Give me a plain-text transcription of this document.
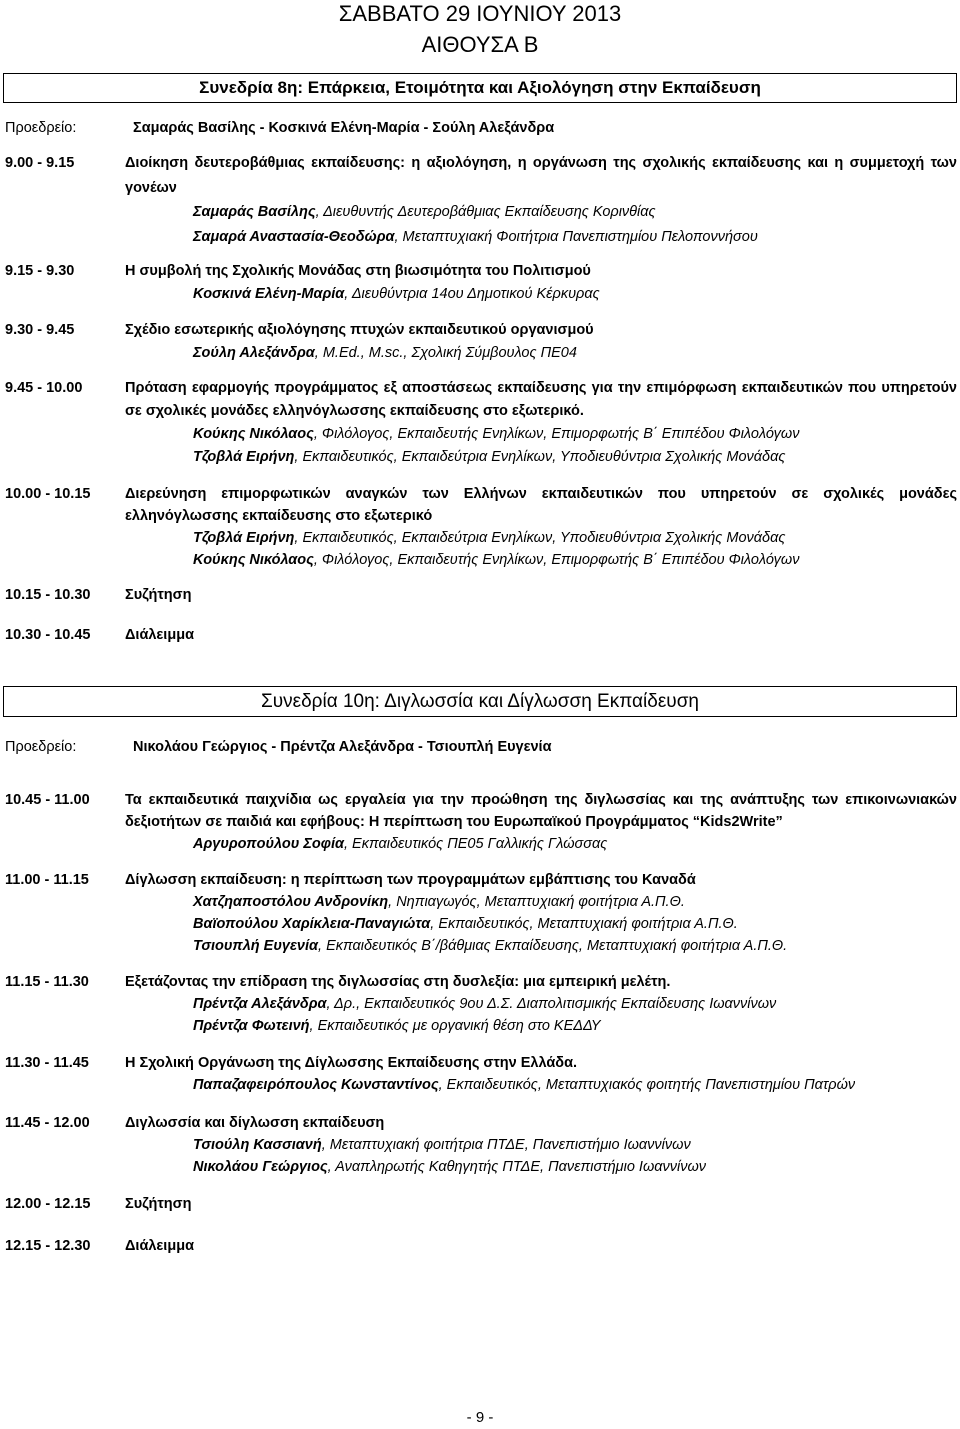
ΣΑΒΒΑΤΟ 29 ΙΟΥΝΙΟΥ 2013
ΑΙΘΟΥΣΑ Β
Συνεδρία 8η: Επάρκεια, Ετοιμότητα και Αξιολόγηση στην Εκπαίδευση
Προεδρείο:	Σαμαράς Βασίλης - Κοσκινά Ελένη-Μαρία - Σούλη Αλεξάνδρα
9.00 - 9.15	Διοίκηση δευτεροβάθμιας εκπαίδευσης: η αξιολόγηση, η οργάνωση της σχολικής εκπαίδευσης και η συμμετοχή των γονέων
Σαμαράς Βασίλης, Διευθυντής Δευτεροβάθμιας Εκπαίδευσης Κορινθίας
Σαμαρά Αναστασία-Θεοδώρα, Μεταπτυχιακή Φοιτήτρια Πανεπιστημίου Πελοποννήσου
9.15 - 9.30	Η συμβολή της Σχολικής Μονάδας στη βιωσιμότητα του Πολιτισμού
Κοσκινά Ελένη-Μαρία, Διευθύντρια 14ου Δημοτικού Κέρκυρας
9.30 - 9.45	Σχέδιο εσωτερικής αξιολόγησης πτυχών εκπαιδευτικού οργανισμού
Σούλη Αλεξάνδρα, M.Ed., M.sc., Σχολική Σύμβουλος ΠΕ04
9.45 - 10.00	Πρόταση εφαρμογής προγράμματος εξ αποστάσεως εκπαίδευσης για την επιμόρφωση εκπαιδευτικών που υπηρετούν σε σχολικές μονάδες ελληνόγλωσσης εκπαίδευσης στο εξωτερικό.
Κούκης Νικόλαος, Φιλόλογος, Εκπαιδευτής Ενηλίκων, Επιμορφωτής Β΄ Επιπέδου Φιλολόγων
Τζοβλά Ειρήνη, Εκπαιδευτικός, Εκπαιδεύτρια Ενηλίκων, Υποδιευθύντρια Σχολικής Μονάδας
10.00 - 10.15	Διερεύνηση επιμορφωτικών αναγκών των Ελλήνων εκπαιδευτικών που υπηρετούν σε σχολικές μονάδες ελληνόγλωσσης εκπαίδευσης στο εξωτερικό
Τζοβλά Ειρήνη, Εκπαιδευτικός, Εκπαιδεύτρια Ενηλίκων, Υποδιευθύντρια Σχολικής Μονάδας
Κούκης Νικόλαος, Φιλόλογος, Εκπαιδευτής Ενηλίκων, Επιμορφωτής Β΄ Επιπέδου Φιλολόγων
10.15 - 10.30	Συζήτηση
10.30 - 10.45	Διάλειμμα
Συνεδρία 10η: Διγλωσσία και Δίγλωσση Εκπαίδευση
Προεδρείο:	Νικολάου Γεώργιος - Πρέντζα Αλεξάνδρα - Τσιουπλή Ευγενία
10.45 - 11.00	Τα εκπαιδευτικά παιχνίδια ως εργαλεία για την προώθηση της διγλωσσίας και της ανάπτυξης των επικοινωνιακών δεξιοτήτων σε παιδιά και εφήβους: Η περίπτωση του Ευρωπαϊκού Προγράμματος “Kids2Write”
Αργυροπούλου Σοφία, Εκπαιδευτικός ΠΕ05 Γαλλικής Γλώσσας
11.00 - 11.15	Δίγλωσση εκπαίδευση: η περίπτωση των προγραμμάτων εμβάπτισης του Καναδά
Χατζηαποστόλου Ανδρονίκη, Νηπιαγωγός, Μεταπτυχιακή φοιτήτρια Α.Π.Θ.
Βαϊοπούλου Χαρίκλεια-Παναγιώτα, Εκπαιδευτικός, Μεταπτυχιακή φοιτήτρια Α.Π.Θ.
Τσιουπλή Ευγενία, Εκπαιδευτικός Β΄/βάθμιας Εκπαίδευσης, Μεταπτυχιακή φοιτήτρια Α.Π.Θ.
11.15 - 11.30	Εξετάζοντας την επίδραση της διγλωσσίας στη δυσλεξία: μια εμπειρική μελέτη.
Πρέντζα Αλεξάνδρα, Δρ., Εκπαιδευτικός 9ου Δ.Σ. Διαπολιτισμικής Εκπαίδευσης Ιωαννίνων
Πρέντζα Φωτεινή, Εκπαιδευτικός με οργανική θέση στο ΚΕΔΔΥ
11.30 - 11.45	Η Σχολική Οργάνωση της Δίγλωσσης Εκπαίδευσης στην Ελλάδα.
Παπαζαφειρόπουλος Κωνσταντίνος, Εκπαιδευτικός, Μεταπτυχιακός φοιτητής Πανεπιστημίου Πατρών
11.45 - 12.00	Διγλωσσία και δίγλωσση εκπαίδευση
Τσιούλη Κασσιανή, Μεταπτυχιακή φοιτήτρια ΠΤΔΕ, Πανεπιστήμιο Ιωαννίνων
Νικολάου Γεώργιος, Αναπληρωτής Καθηγητής ΠΤΔΕ, Πανεπιστήμιο Ιωαννίνων
12.00 - 12.15	Συζήτηση
12.15 - 12.30	Διάλειμμα
- 9 -
